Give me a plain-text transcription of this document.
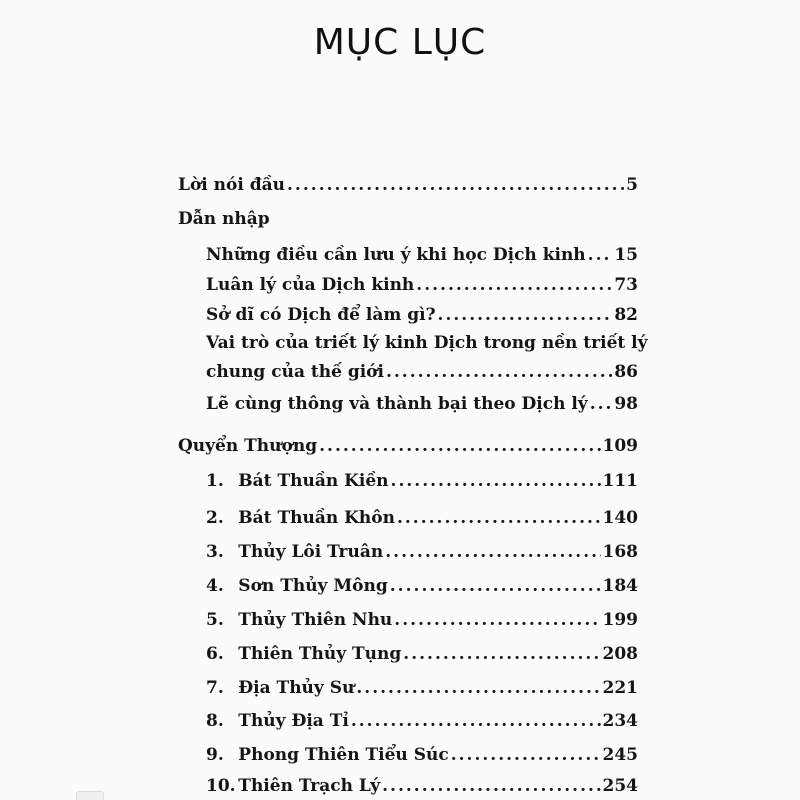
MỤC LỤC
Lời nói đầu .....	5
Dẫn nhập
Những điều cần lưu ý khi học Dịch kinh ..... 15
Luân lý của Dịch kinh .....	73
Sở dĩ có Dịch để làm gì? .....	82
Vai trò của triết lý kinh Dịch trong nền triết lý
chung của thế giới .....	86
Lẽ cùng thông và thành bại theo Dịch lý ..... 98
Quyển Thượng .....	109
1. Bát Thuần Kiền .....	111
2. Bát Thuần Khôn .....	140
3. Thủy Lôi Truân .....	168
4. Sơn Thủy Mông .....	184
5. Thủy Thiên Nhu .....	199
6. Thiên Thủy Tụng .....	208
7. Địa Thủy Sư .....	221
8. Thủy Địa Tỉ .....	234
9. Phong Thiên Tiểu Súc .....	245
10. Thiên Trạch Lý .....	254
